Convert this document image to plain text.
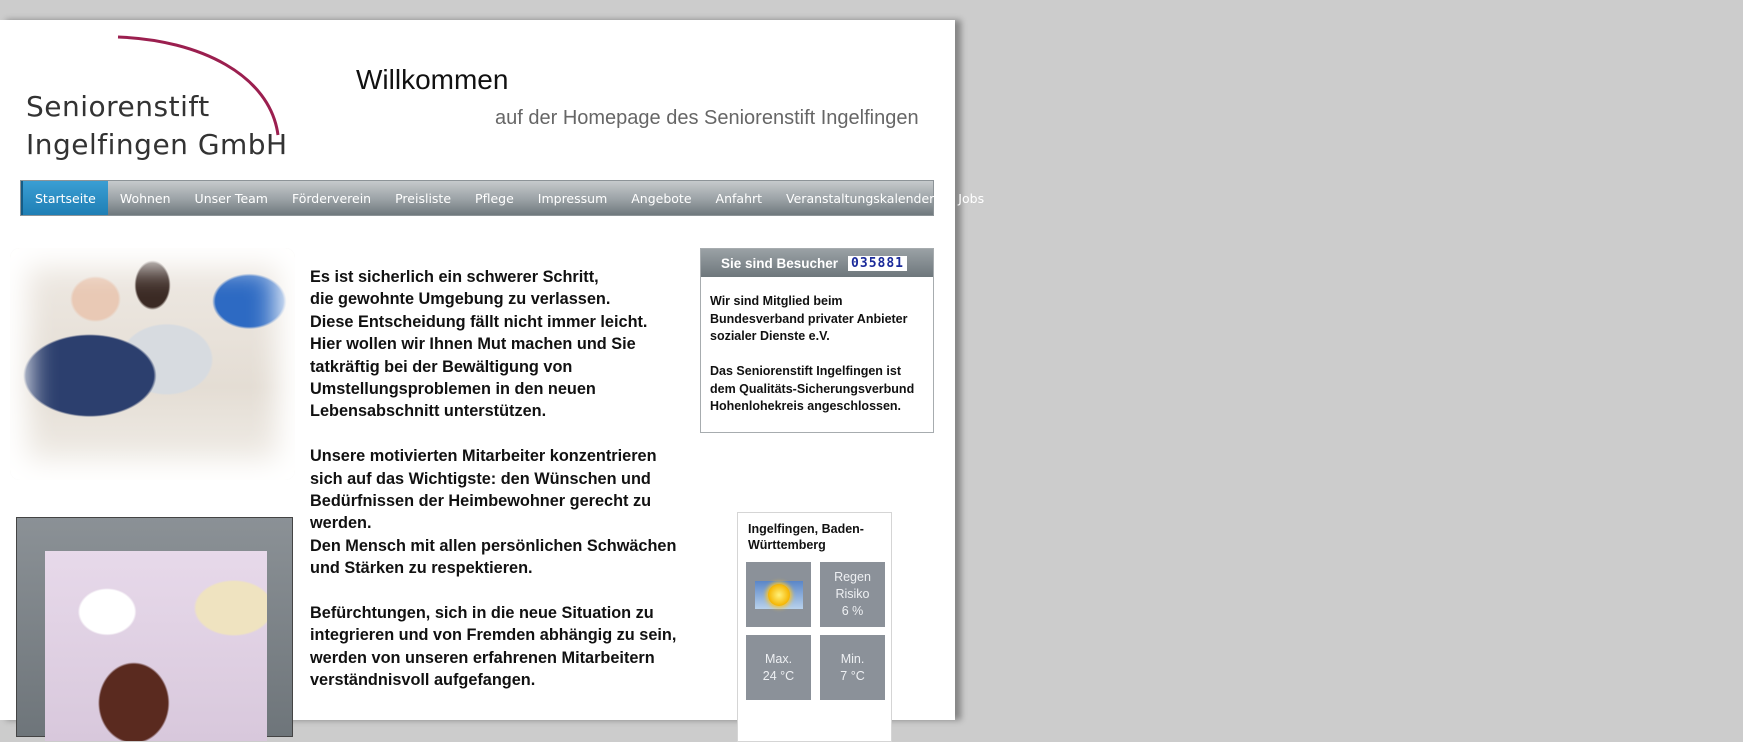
Seniorenstift
Ingelfingen GmbH
Willkommen
auf der Homepage des Seniorenstift Ingelfingen
Startseite	Wohnen	Unser Team	Förderverein	Preisliste	Pflege	Impressum	Angebote	Anfahrt	Veranstaltungskalender	Jobs

Es ist sicherlich ein schwerer Schritt,
die gewohnte Umgebung zu verlassen.
Diese Entscheidung fällt nicht immer leicht.
Hier wollen wir Ihnen Mut machen und Sie
tatkräftig bei der Bewältigung von
Umstellungsproblemen in den neuen
Lebensabschnitt unterstützen.

Unsere motivierten Mitarbeiter konzentrieren
sich auf das Wichtigste: den Wünschen und
Bedürfnissen der Heimbewohner gerecht zu
werden.
Den Mensch mit allen persönlichen Schwächen
und Stärken zu respektieren.

Befürchtungen, sich in die neue Situation zu
integrieren und von Fremden abhängig zu sein,
werden von unseren erfahrenen Mitarbeitern
verständnisvoll aufgefangen.

Sie sind Besucher 035881

Wir sind Mitglied beim
Bundesverband privater Anbieter
sozialer Dienste e.V.

Das Seniorenstift Ingelfingen ist
dem Qualitäts-Sicherungsverbund
Hohenlohekreis angeschlossen.

Ingelfingen, Baden-
Württemberg
Regen
Risiko
6 %
Max.
24 °C
Min.
7 °C
